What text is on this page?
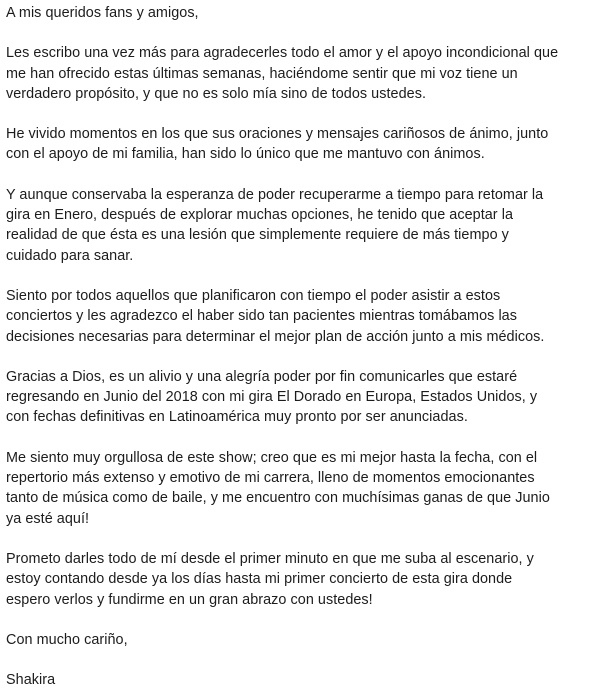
A mis queridos fans y amigos,

Les escribo una vez más para agradecerles todo el amor y el apoyo incondicional que
me han ofrecido estas últimas semanas, haciéndome sentir que mi voz tiene un
verdadero propósito, y que no es solo mía sino de todos ustedes.

He vivido momentos en los que sus oraciones y mensajes cariñosos de ánimo, junto
con el apoyo de mi familia, han sido lo único que me mantuvo con ánimos.

Y aunque conservaba la esperanza de poder recuperarme a tiempo para retomar la
gira en Enero, después de explorar muchas opciones, he tenido que aceptar la
realidad de que ésta es una lesión que simplemente requiere de más tiempo y
cuidado para sanar.

Siento por todos aquellos que planificaron con tiempo el poder asistir a estos
conciertos y les agradezco el haber sido tan pacientes mientras tomábamos las
decisiones necesarias para determinar el mejor plan de acción junto a mis médicos.

Gracias a Dios, es un alivio y una alegría poder por fin comunicarles que estaré
regresando en Junio del 2018 con mi gira El Dorado en Europa, Estados Unidos, y
con fechas definitivas en Latinoamérica muy pronto por ser anunciadas.

Me siento muy orgullosa de este show; creo que es mi mejor hasta la fecha, con el
repertorio más extenso y emotivo de mi carrera, lleno de momentos emocionantes
tanto de música como de baile, y me encuentro con muchísimas ganas de que Junio
ya esté aquí!

Prometo darles todo de mí desde el primer minuto en que me suba al escenario, y
estoy contando desde ya los días hasta mi primer concierto de esta gira donde
espero verlos y fundirme en un gran abrazo con ustedes!

Con mucho cariño,

Shakira
